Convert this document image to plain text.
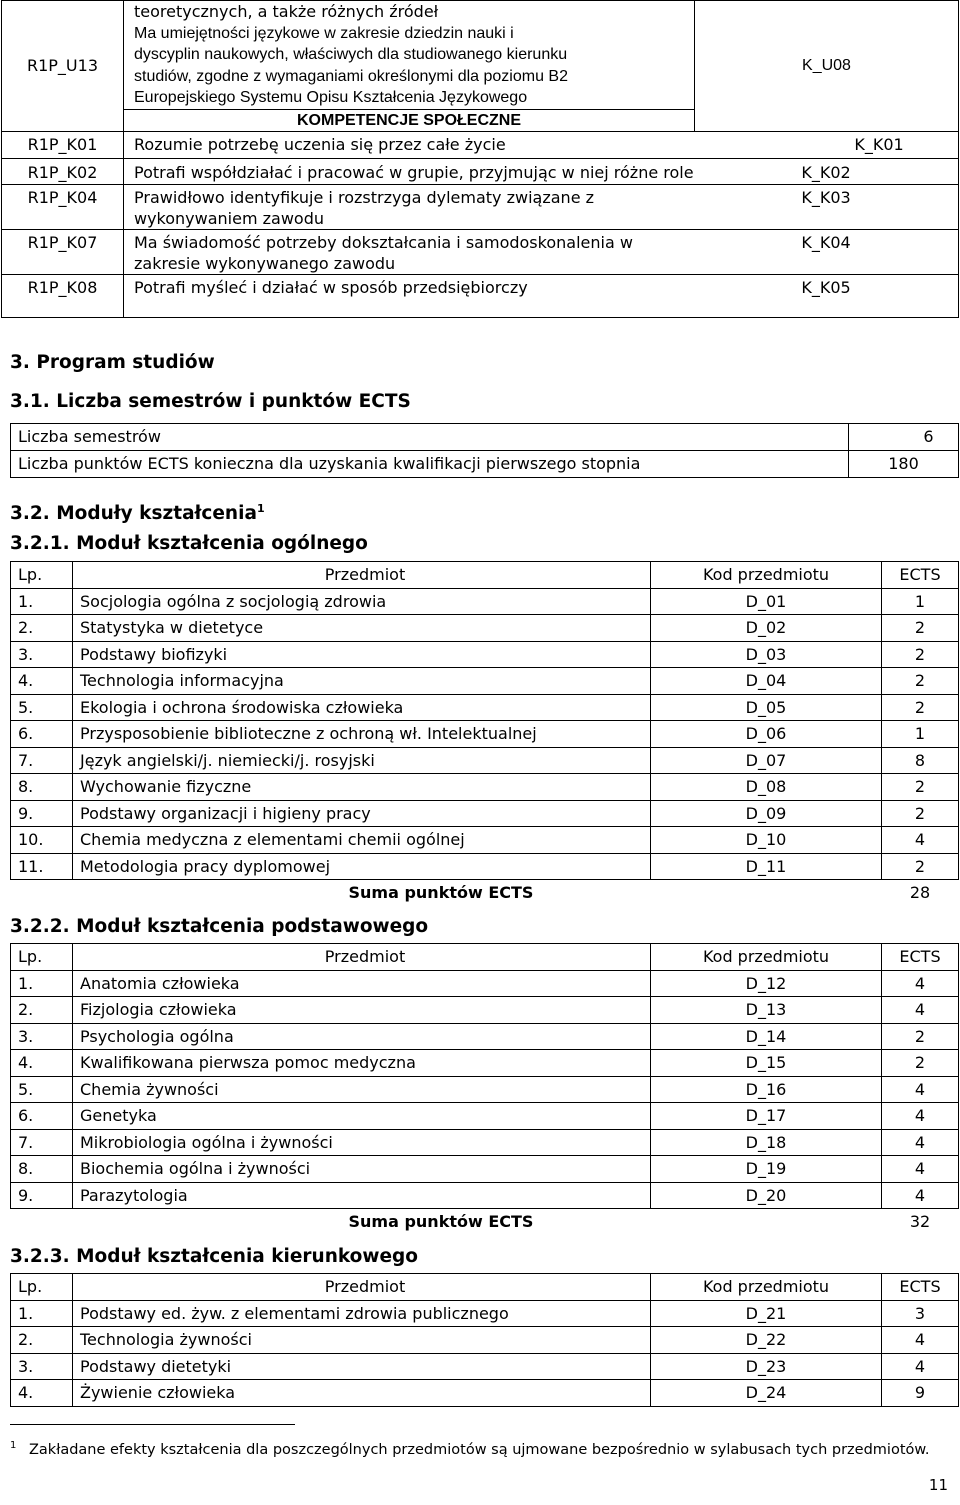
R1P_U13	teoretycznych, a także różnych źródeł
Ma umiejętności językowe w zakresie dziedzin nauki i
dyscyplin naukowych, właściwych dla studiowanego kierunku
studiów, zgodne z wymaganiami określonymi dla poziomu B2
Europejskiego Systemu Opisu Kształcenia Językowego	K_U08
	KOMPETENCJE SPOŁECZNE	
R1P_K01	Rozumie potrzebę uczenia się przez całe życie K_K01	

R1P_K02	Potrafi współdziałać i pracować w grupie, przyjmując w niej różne role K_K02	

R1P_K04	Prawidłowo identyfikuje i rozstrzyga dylematy związane z wykonywaniem zawodu
K_K03	

R1P_K07	Ma świadomość potrzeby dokształcania i samodoskonalenia w zakresie wykonywanego zawodu
K_K04	

R1P_K08	Potrafi myśleć i działać w sposób przedsiębiorczy K_K05	
3. Program studiów
3.1. Liczba semestrów i punktów ECTS
Liczba semestrów	6
Liczba punktów ECTS konieczna dla uzyskania kwalifikacji pierwszego stopnia	180
3.2. Moduły kształcenia$^1$
3.2.1. Moduł kształcenia ogólnego
Lp.	Przedmiot	Kod przedmiotu	ECTS
1.	Socjologia ogólna z socjologią zdrowia	D_01	1
2.	Statystyka w dietetyce	D_02	2
3.	Podstawy biofizyki	D_03	2
4.	Technologia informacyjna	D_04	2
5.	Ekologia i ochrona środowiska człowieka	D_05	2
6.	Przysposobienie biblioteczne z ochroną wł. Intelektualnej	D_06	1
7.	Język angielski/j. niemiecki/j. rosyjski	D_07	8
8.	Wychowanie fizyczne	D_08	2
9.	Podstawy organizacji i higieny pracy	D_09	2
10.	Chemia medyczna z elementami chemii ogólnej	D_10	4
11.	Metodologia pracy dyplomowej	D_11	2
	Suma punktów ECTS		28
3.2.2. Moduł kształcenia podstawowego
Lp.	Przedmiot	Kod przedmiotu	ECTS
1.	Anatomia człowieka	D_12	4
2.	Fizjologia człowieka	D_13	4
3.	Psychologia ogólna	D_14	2
4.	Kwalifikowana pierwsza pomoc medyczna	D_15	2
5.	Chemia żywności	D_16	4
6.	Genetyka	D_17	4
7.	Mikrobiologia ogólna i żywności	D_18	4
8.	Biochemia ogólna i żywności	D_19	4
9.	Parazytologia	D_20	4
	Suma punktów ECTS		32
3.2.3. Moduł kształcenia kierunkowego
Lp.	Przedmiot	Kod przedmiotu	ECTS
1.	Podstawy ed. żyw. z elementami zdrowia publicznego	D_21	3
2.	Technologia żywności	D_22	4
3.	Podstawy dietetyki	D_23	4
4.	Żywienie człowieka	D_24	9
$^1$ Zakładane efekty kształcenia dla poszczególnych przedmiotów są ujmowane bezpośrednio w sylabusach tych przedmiotów.
11
